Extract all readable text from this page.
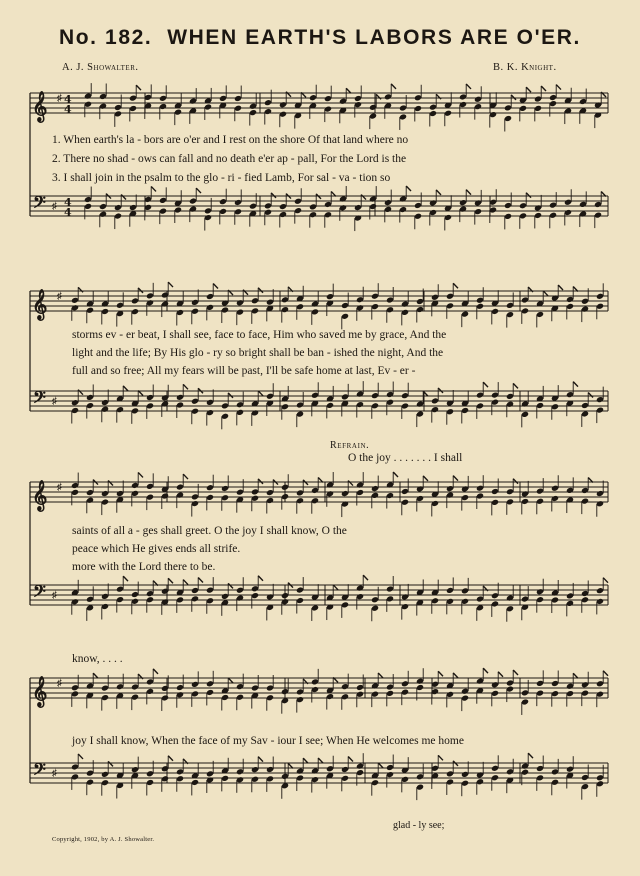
No. 182. WHEN EARTH'S LABORS ARE O'ER.
A. J. Showalter.	B. K. Knight.
𝄞
𝄢
♯
♯
4
4
4
4
𝄞
𝄢
♯
♯
𝄞
𝄢
♯
♯
𝄞
𝄢
♯
♯
1. When earth's la - bors are o'er and I rest on the shore Of that land where no
2. There no shad - ows can fall and no death e'er ap - pall, For the Lord is the
3. I shall join in the psalm to the glo - ri - fied Lamb, For sal - va - tion so
storms ev - er beat, I shall see, face to face, Him who saved me by grace, And the
light and the life; By His glo - ry so bright shall be ban - ished the night, And the
full and so free; All my fears will be past, I'll be safe home at last, Ev - er -
Refrain.
O the joy . . . . . . . I shall
saints of all a - ges shall greet. O the joy I shall know, O the
peace which He gives ends all strife.
more with the Lord there to be.
know, . . . .
joy I shall know, When the face of my Sav - iour I see; When He welcomes me home
glad - ly see;
Copyright, 1902, by A. J. Showalter.
